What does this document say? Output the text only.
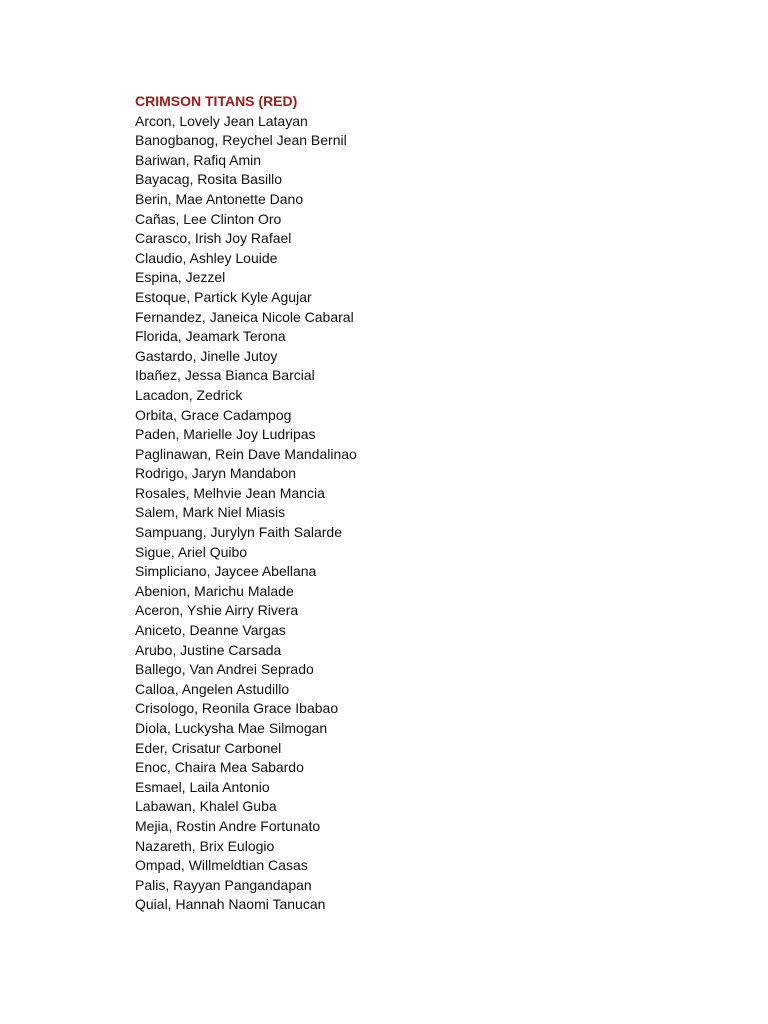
CRIMSON TITANS (RED)
Arcon, Lovely Jean Latayan
Banogbanog, Reychel Jean Bernil
Bariwan, Rafiq Amin
Bayacag, Rosita Basillo
Berin, Mae Antonette Dano
Cañas, Lee Clinton Oro
Carasco, Irish Joy Rafael
Claudio, Ashley Louide
Espina, Jezzel
Estoque, Partick Kyle Agujar
Fernandez, Janeica Nicole Cabaral
Florida, Jeamark Terona
Gastardo, Jinelle Jutoy
Ibañez, Jessa Bianca Barcial
Lacadon, Zedrick
Orbita, Grace Cadampog
Paden, Marielle Joy Ludripas
Paglinawan, Rein Dave Mandalinao
Rodrigo, Jaryn Mandabon
Rosales, Melhvie Jean Mancia
Salem, Mark Niel Miasis
Sampuang, Jurylyn Faith Salarde
Sigue, Ariel Quibo
Simpliciano, Jaycee Abellana
Abenion, Marichu Malade
Aceron, Yshie Airry Rivera
Aniceto, Deanne Vargas
Arubo, Justine Carsada
Ballego, Van Andrei Seprado
Calloa, Angelen Astudillo
Crisologo, Reonila Grace Ibabao
Diola, Luckysha Mae Silmogan
Eder, Crisatur Carbonel
Enoc, Chaira Mea Sabardo
Esmael, Laila Antonio
Labawan, Khalel Guba
Mejia, Rostin Andre Fortunato
Nazareth, Brix Eulogio
Ompad, Willmeldtian Casas
Palis, Rayyan Pangandapan
Quial, Hannah Naomi Tanucan
